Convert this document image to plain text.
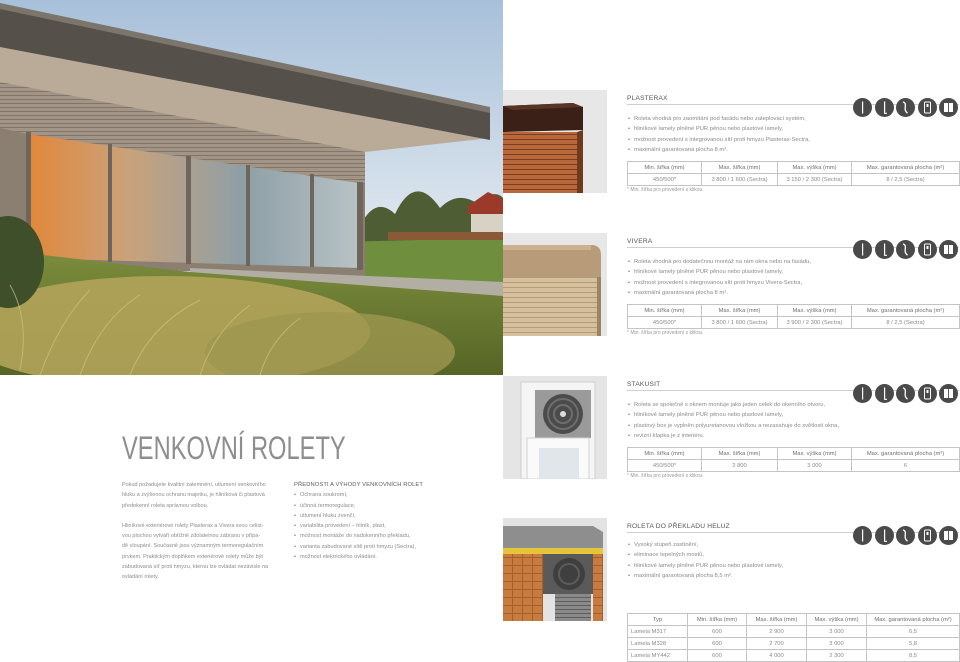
VENKOVNÍ ROLETY
Pokud požadujete kvalitní zatemnění, utlumení venkovního
hluku a zvýšenou ochranu majetku, je hliníková či plastová
předokenní roleta správnou volbou.
Hliníkové exteriérové rolety Plasterax a Vivera svou celist-
vou plochou vytváří obtížně zdolatelnou zábranu v přípa-
dě vloupání. Současně jsou významným termoregulačním
prvkem. Praktickým doplňkem exteriérové rolety může být
zabudovaná síť proti hmyzu, kterou lze ovládat nezávisle na
ovládání rolety.
PŘEDNOSTI A VÝHODY VENKOVNÍCH ROLET
• Ochrana soukromí,
• účinná termoregulace,
• utlumení hluku zvenčí,
• variabilita provedení – hliník, plast,
• možnost montáže do nadokenního překladu,
• varianta zabudované sítě proti hmyzu (Sectra),
• možnost elektrického ovládání.
PLASTERAX
• Roleta vhodná pro zaomítání pod fasádu nebo zateplovací systém,
• hliníkové lamely plněné PUR pěnou nebo plastové lamely,
• možnost provedení s integrovanou sítí proti hmyzu Plasterax-Sectra,
• maximální garantovaná plocha 8 m².
Min. šířka (mm)	Max. šířka (mm)	Max. výška (mm)	Max. garantovaná plocha (m²)
450/500*	3 800 / 1 600 (Sectra)	3 150 / 2 300 (Sectra)	8 / 2,5 (Sectra)
* Min. šířka pro provedení s klikou.
VIVERA
• Roleta vhodná pro dodatečnou montáž na rám okna nebo na fasádu,
• hliníkové lamely plněné PUR pěnou nebo plastové lamely,
• možnost provedení s integrovanou sítí proti hmyzu Vivera-Sectra,
• maximální garantovaná plocha 8 m².
Min. šířka (mm)	Max. šířka (mm)	Max. výška (mm)	Max. garantovaná plocha (m²)
450/500*	3 800 / 1 600 (Sectra)	3 900 / 2 300 (Sectra)	8 / 2,5 (Sectra)
* Min. šířka pro provedení s klikou.
STAKUSIT
• Roleta se společně s oknem montuje jako jeden celek do okenního otvoru,
• hliníkové lamely plněné PUR pěnou nebo plastové lamely,
• plastový box je vyplněn polyuretanovou vložkou a nezasahuje do světlosti okna,
• revizní klapka je z interiéru.
Min. šířka (mm)	Max. šířka (mm)	Max. výška (mm)	Max. garantovaná plocha (m²)
450/500*	2 800	3 000	6
* Min. šířka pro provedení s klikou.
ROLETA DO PŘEKLADU HELUZ
• Vysoký stupeň zastínění,
• eliminace tepelných mostů,
• hliníkové lamely plněné PUR pěnou nebo plastové lamely,
• maximální garantovaná plocha 8,5 m².
Typ	Min. šířka (mm)	Max. šířka (mm)	Max. výška (mm)	Max. garantovaná plocha (m²)
Lamela M317	600	2 900	3 000	6,5
Lamela M328	600	2 700	3 000	5,8
Lamela MY442	600	4 000	2 300	8,5
